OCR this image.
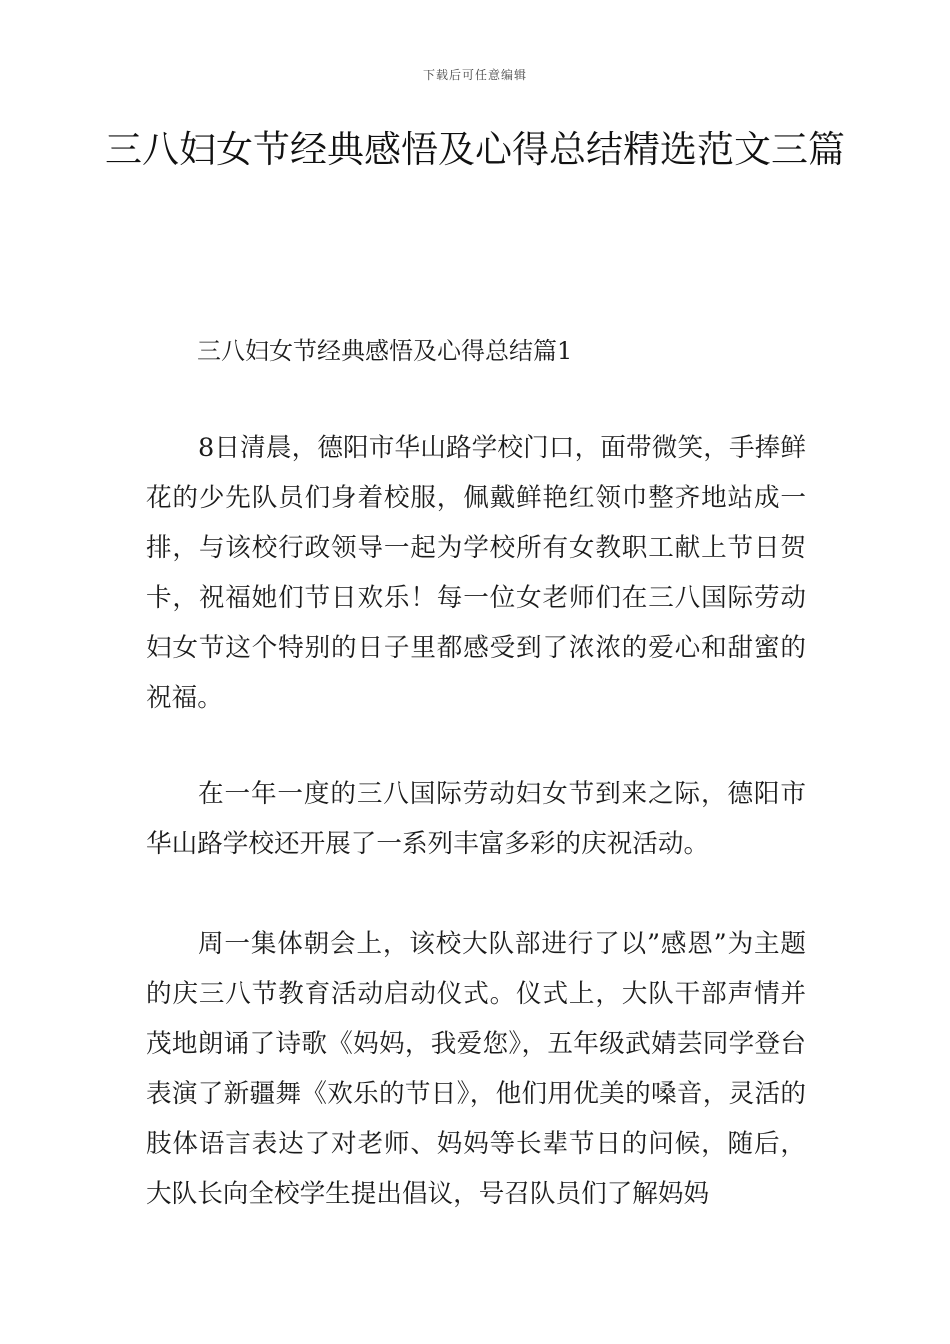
下载后可任意编辑
三八妇女节经典感悟及心得总结精选范文三篇
三八妇女节经典感悟及心得总结篇1

8日清晨，德阳市华山路学校门口，面带微笑，手捧鲜花的少先队员们身着校服，佩戴鲜艳红领巾整齐地站成一排，与该校行政领导一起为学校所有女教职工献上节日贺卡，祝福她们节日欢乐！每一位女老师们在三八国际劳动妇女节这个特别的日子里都感受到了浓浓的爱心和甜蜜的祝福。

在一年一度的三八国际劳动妇女节到来之际，德阳市华山路学校还开展了一系列丰富多彩的庆祝活动。

周一集体朝会上，该校大队部进行了以”感恩”为主题的庆三八节教育活动启动仪式。仪式上，大队干部声情并茂地朗诵了诗歌《妈妈，我爱您》，五年级武婧芸同学登台表演了新疆舞《欢乐的节日》，他们用优美的嗓音，灵活的肢体语言表达了对老师、妈妈等长辈节日的问候，随后，大队长向全校学生提出倡议，号召队员们了解妈妈
